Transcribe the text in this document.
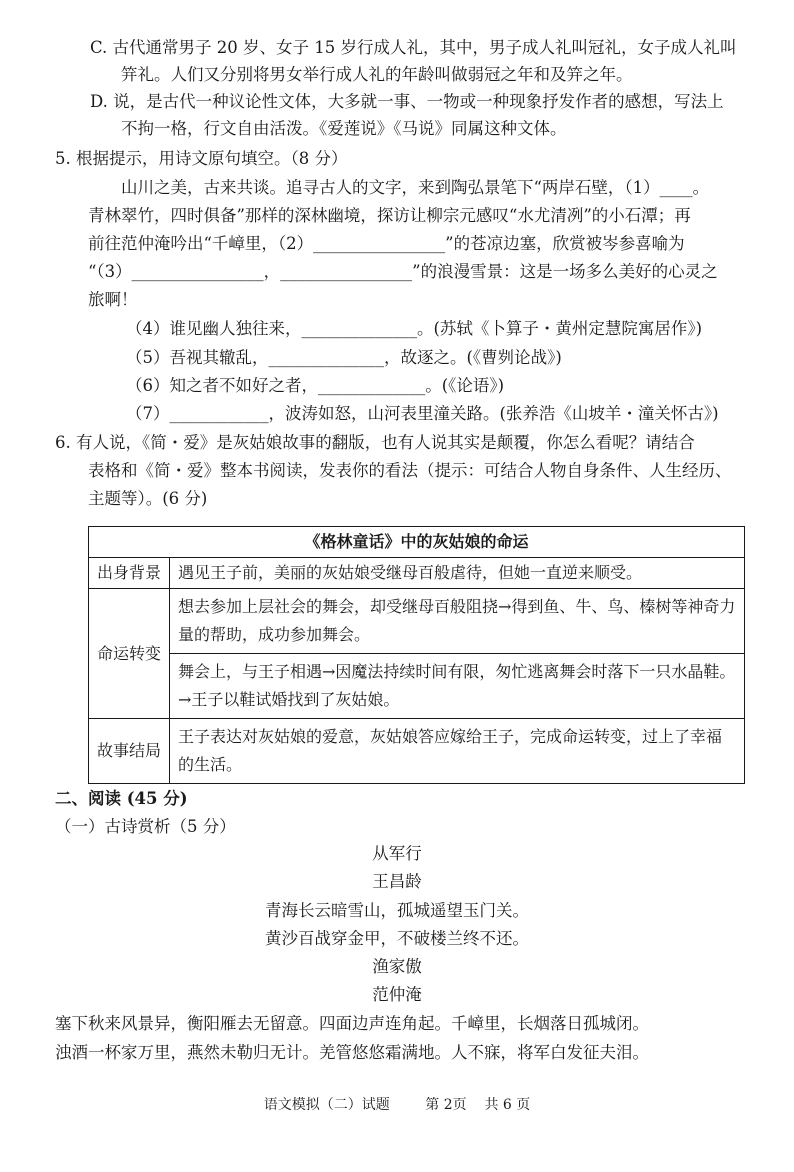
C. 古代通常男子 20 岁、女子 15 岁行成人礼，其中，男子成人礼叫冠礼，女子成人礼叫
笄礼。人们又分别将男女举行成人礼的年龄叫做弱冠之年和及笄之年。
D. 说，是古代一种议论性文体，大多就一事、一物或一种现象抒发作者的感想，写法上
不拘一格，行文自由活泼。《爱莲说》《马说》同属这种文体。
5. 根据提示，用诗文原句填空。（8 分）
山川之美，古来共谈。追寻古人的文字，来到陶弘景笔下“两岸石壁，（1）____。
青林翠竹，四时俱备”那样的深林幽境，探访让柳宗元感叹“水尤清冽”的小石潭；再
前往范仲淹吟出“千嶂里，（2）________________”的苍凉边塞，欣赏被岑参喜喻为
“（3）________________，________________”的浪漫雪景：这是一场多么美好的心灵之
旅啊！
（4）谁见幽人独往来，______________。(苏轼《卜算子・黄州定慧院寓居作》)
（5）吾视其辙乱，______________，故逐之。(《曹刿论战》)
（6）知之者不如好之者，_____________。(《论语》)
（7）____________，波涛如怒，山河表里潼关路。(张养浩《山坡羊・潼关怀古》)
6. 有人说，《简・爱》是灰姑娘故事的翻版，也有人说其实是颠覆，你怎么看呢？请结合
表格和《简・爱》整本书阅读，发表你的看法（提示：可结合人物自身条件、人生经历、
主题等）。(6 分)
《格林童话》中的灰姑娘的命运	
出身背景	遇见王子前，美丽的灰姑娘受继母百般虐待，但她一直逆来顺受。
命运转变	想去参加上层社会的舞会，却受继母百般阻挠→得到鱼、牛、鸟、榛树等神奇力量的帮助，成功参加舞会。
	舞会上，与王子相遇→因魔法持续时间有限，匆忙逃离舞会时落下一只水晶鞋。→王子以鞋试婚找到了灰姑娘。
故事结局	王子表达对灰姑娘的爱意，灰姑娘答应嫁给王子，完成命运转变，过上了幸福的生活。
二、阅读 (45 分)
（一）古诗赏析（5 分）
从军行
王昌龄
青海长云暗雪山，孤城遥望玉门关。
黄沙百战穿金甲，不破楼兰终不还。
渔家傲
范仲淹
塞下秋来风景异，衡阳雁去无留意。四面边声连角起。千嶂里，长烟落日孤城闭。
浊酒一杯家万里，燕然未勒归无计。羌管悠悠霜满地。人不寐，将军白发征夫泪。
语文模拟（二）试题        第 2页    共 6 页
